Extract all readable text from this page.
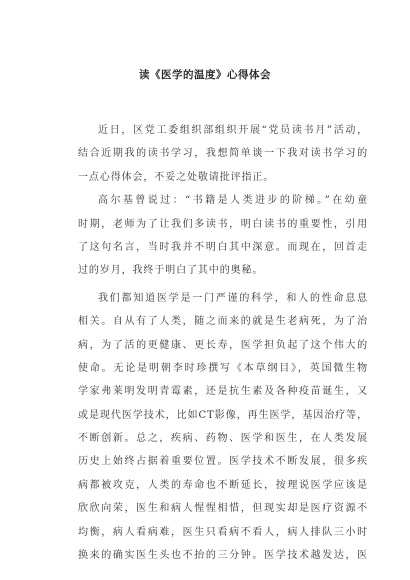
读《医学的温度》心得体会
近日，区党工委组织部组织开展“党员读书月”活动，
结合近期我的读书学习，我想简单谈一下我对读书学习的
一点心得体会，不妥之处敬请批评指正。
高尔基曾说过：“书籍是人类进步的阶梯。”在幼童
时期，老师为了让我们多读书，明白读书的重要性，引用
了这句名言，当时我并不明白其中深意。而现在，回首走
过的岁月，我终于明白了其中的奥秘。
我们都知道医学是一门严谨的科学，和人的性命息息
相关。自从有了人类，随之而来的就是生老病死，为了治
病，为了活的更健康、更长寿，医学担负起了这个伟大的
使命。无论是明朝李时珍撰写《本草纲目》，英国微生物
学家弗莱明发明青霉素，还是抗生素及各种疫苗诞生，又
或是现代医学技术，比如CT影像，再生医学，基因治疗等，
不断创新。总之，疾病、药物、医学和医生，在人类发展
历史上始终占据着重要位置。医学技术不断发展，很多疾
病都被攻克，人类的寿命也不断延长，按理说医学应该是
欣欣向荣，医生和病人惺惺相惜，但现实却是医疗资源不
均衡，病人看病难，医生只看病不看人，病人排队三小时
换来的确实医生头也不抬的三分钟。医学技术越发达，医
